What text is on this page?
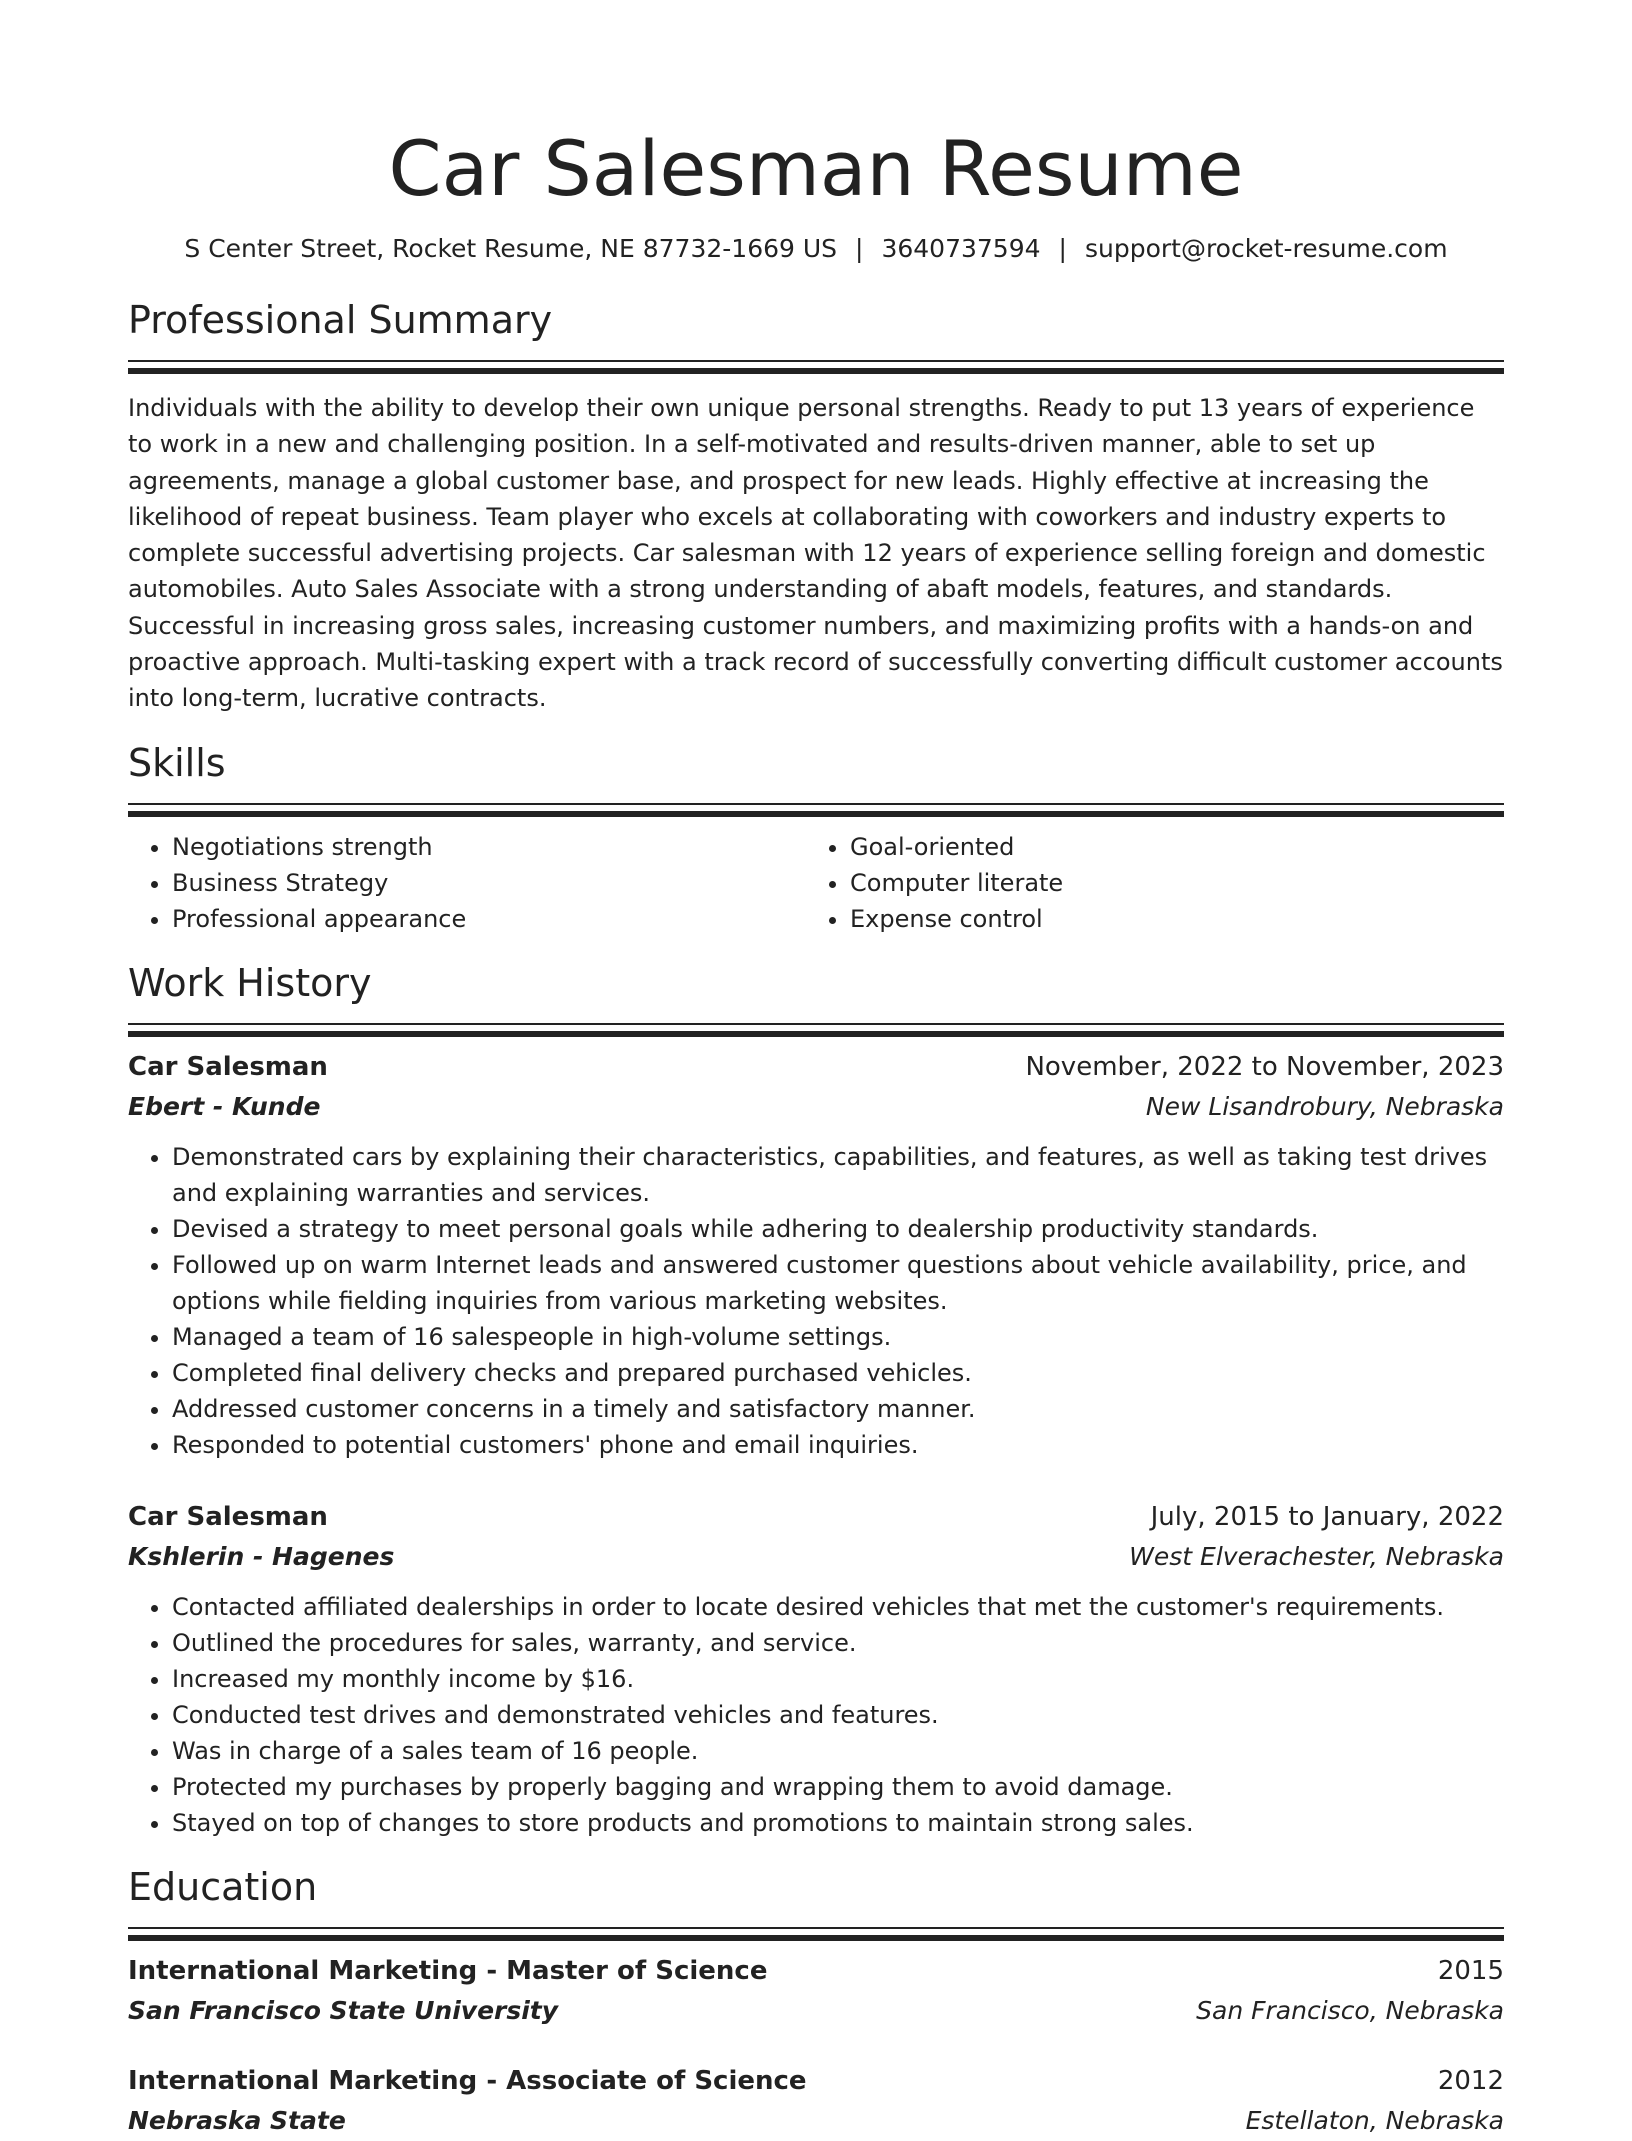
Car Salesman Resume
S Center Street, Rocket Resume, NE 87732-1669 US | 3640737594 | support@rocket-resume.com
Professional Summary

Individuals with the ability to develop their own unique personal strengths. Ready to put 13 years of experience to work in a new and challenging position. In a self-motivated and results-driven manner, able to set up agreements, manage a global customer base, and prospect for new leads. Highly effective at increasing the likelihood of repeat business. Team player who excels at collaborating with coworkers and industry experts to complete successful advertising projects. Car salesman with 12 years of experience selling foreign and domestic automobiles. Auto Sales Associate with a strong understanding of abaft models, features, and standards. Successful in increasing gross sales, increasing customer numbers, and maximizing profits with a hands-on and proactive approach. Multi-tasking expert with a track record of successfully converting difficult customer accounts into long-term, lucrative contracts.

Skills
• Negotiations strength
• Business Strategy
• Professional appearance
• Goal-oriented
• Computer literate
• Expense control
Work History
Car Salesman	November, 2022 to November, 2023
Ebert - Kunde	New Lisandrobury, Nebraska
• Demonstrated cars by explaining their characteristics, capabilities, and features, as well as taking test drives and explaining warranties and services.
• Devised a strategy to meet personal goals while adhering to dealership productivity standards.
• Followed up on warm Internet leads and answered customer questions about vehicle availability, price, and options while fielding inquiries from various marketing websites.
• Managed a team of 16 salespeople in high-volume settings.
• Completed final delivery checks and prepared purchased vehicles.
• Addressed customer concerns in a timely and satisfactory manner.
• Responded to potential customers' phone and email inquiries.
Car Salesman	July, 2015 to January, 2022
Kshlerin - Hagenes	West Elverachester, Nebraska
• Contacted affiliated dealerships in order to locate desired vehicles that met the customer's requirements.
• Outlined the procedures for sales, warranty, and service.
• Increased my monthly income by $16.
• Conducted test drives and demonstrated vehicles and features.
• Was in charge of a sales team of 16 people.
• Protected my purchases by properly bagging and wrapping them to avoid damage.
• Stayed on top of changes to store products and promotions to maintain strong sales.
Education
International Marketing - Master of Science	2015
San Francisco State University	San Francisco, Nebraska
International Marketing - Associate of Science	2012
Nebraska State	Estellaton, Nebraska
